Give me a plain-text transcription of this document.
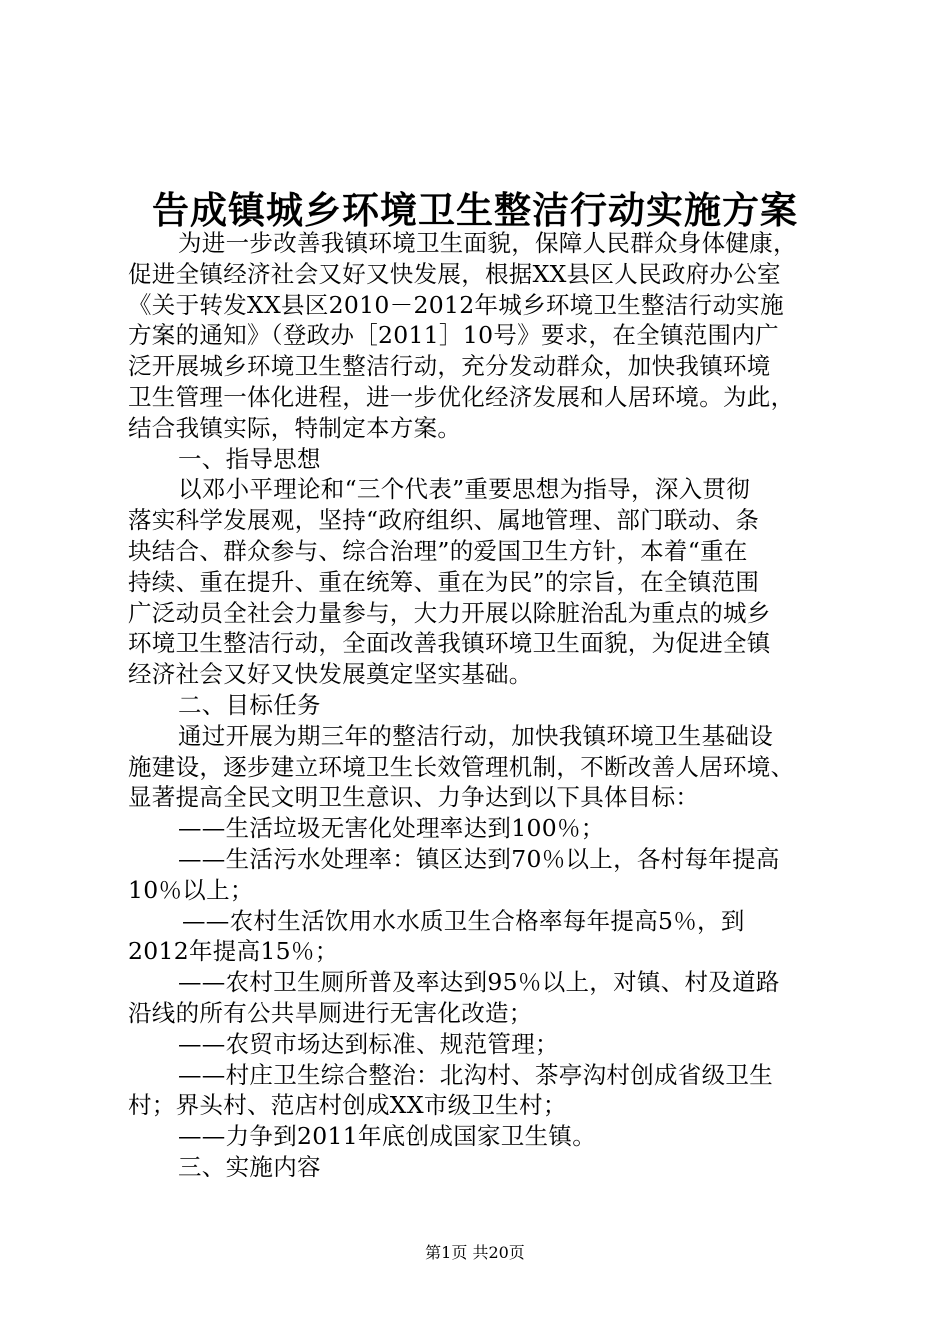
告成镇城乡环境卫生整洁行动实施方案
为进一步改善我镇环境卫生面貌，保障人民群众身体健康，
促进全镇经济社会又好又快发展，根据XX县区人民政府办公室
《关于转发XX县区2010－2012年城乡环境卫生整洁行动实施
方案的通知》（登政办［2011］10号》要求，在全镇范围内广
泛开展城乡环境卫生整洁行动，充分发动群众，加快我镇环境
卫生管理一体化进程，进一步优化经济发展和人居环境。为此，
结合我镇实际，特制定本方案。
一、指导思想
以邓小平理论和“三个代表”重要思想为指导，深入贯彻
落实科学发展观，坚持“政府组织、属地管理、部门联动、条
块结合、群众参与、综合治理”的爱国卫生方针，本着“重在
持续、重在提升、重在统筹、重在为民”的宗旨，在全镇范围
广泛动员全社会力量参与，大力开展以除脏治乱为重点的城乡
环境卫生整洁行动，全面改善我镇环境卫生面貌，为促进全镇
经济社会又好又快发展奠定坚实基础。
二、目标任务
通过开展为期三年的整洁行动，加快我镇环境卫生基础设
施建设，逐步建立环境卫生长效管理机制，不断改善人居环境、
显著提高全民文明卫生意识、力争达到以下具体目标：
——生活垃圾无害化处理率达到100％；
——生活污水处理率：镇区达到70％以上，各村每年提高
10％以上；
——农村生活饮用水水质卫生合格率每年提高5％，到
2012年提高15％；
——农村卫生厕所普及率达到95％以上，对镇、村及道路
沿线的所有公共旱厕进行无害化改造；
——农贸市场达到标准、规范管理；
——村庄卫生综合整治：北沟村、茶亭沟村创成省级卫生
村；界头村、范店村创成XX市级卫生村；
——力争到2011年底创成国家卫生镇。
三、实施内容
第1页 共20页
